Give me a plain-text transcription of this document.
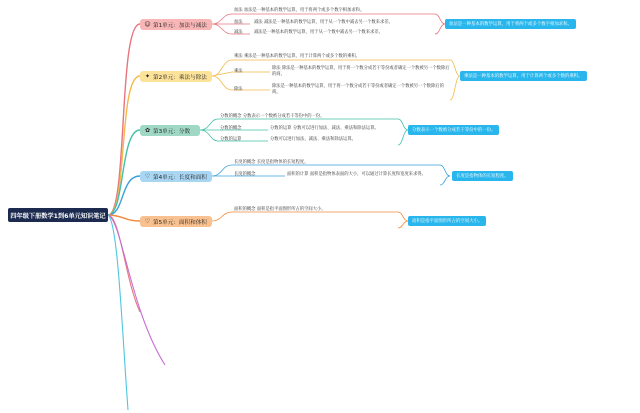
四年级下册数学1到6单元知识笔记
☺ 第1单元：加法与减法
加法 加法是一种基本的数学运算，用于将两个或多个数字相加求和。
加法	减法 减法是一种基本的数学运算，用于从一个数中减去另一个数来求差。
减法	减法是一种基本的数学运算，用于从一个数中减去另一个数来求差。
加法是一种基本的数学运算，用于将两个或多个数字相加求和。
✦ 第2单元：乘法与除法
乘法 乘法是一种基本的数学运算，用于计算两个或多个数的乘积。
乘法
除法 除法是一种基本的数学运算，用于将一个数分成若干等份或者确定一个数被另一个数除后的商。
除法
除法是一种基本的数学运算，用于将一个数分成若干等份或者确定一个数被另一个数除后的商。
乘法是一种基本的数学运算，用于计算两个或多个数的乘积。
✿ 第3单元：分数
分数的概念 分数表示一个数被分成若干等份中的一份。
分数的概念	分数的运算 分数可以进行加法、减法、乘法和除法运算。
分数的运算	分数可以进行加法、减法、乘法和除法运算。
分数表示一个数被分成若干等份中的一份。
♡ 第4单元：长度和面积
长度的概念 长度是指物体的长短程度。
长度的概念	面积的计算 面积是指物体表面的大小，可以通过计算长度和宽度来求得。	长度是指物体的长短程度。
♡ 第5单元：面积和体积
面积的概念 面积是指平面图形所占的空间大小。
面积是指平面图形所占的空间大小。
